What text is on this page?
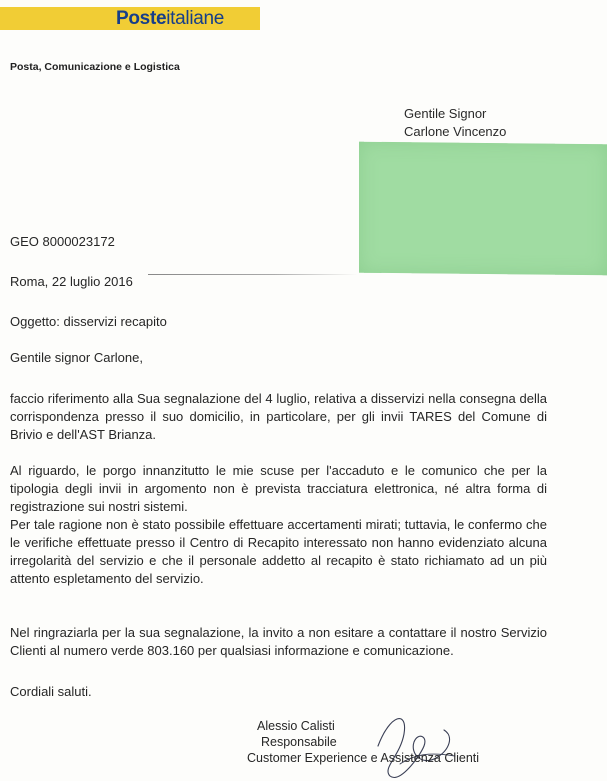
Posteitaliane
Posta, Comunicazione e Logistica
Gentile Signor
Carlone Vincenzo
GEO 8000023172
Roma, 22 luglio 2016
Oggetto: disservizi recapito
Gentile signor Carlone,
faccio riferimento alla Sua segnalazione del 4 luglio, relativa a disservizi nella consegna della corrispondenza presso il suo domicilio, in particolare, per gli invii TARES del Comune di Brivio e dell'AST Brianza.
Al riguardo, le porgo innanzitutto le mie scuse per l'accaduto e le comunico che per la tipologia degli invii in argomento non è prevista tracciatura elettronica, né altra forma di registrazione sui nostri sistemi.
Per tale ragione non è stato possibile effettuare accertamenti mirati; tuttavia, le confermo che le verifiche effettuate presso il Centro di Recapito interessato non hanno evidenziato alcuna irregolarità del servizio e che il personale addetto al recapito è stato richiamato ad un più attento espletamento del servizio.
Nel ringraziarla per la sua segnalazione, la invito a non esitare a contattare il nostro Servizio Clienti al numero verde 803.160 per qualsiasi informazione e comunicazione.
Cordiali saluti.
Alessio Calisti
Responsabile
Customer Experience e Assistenza Clienti
